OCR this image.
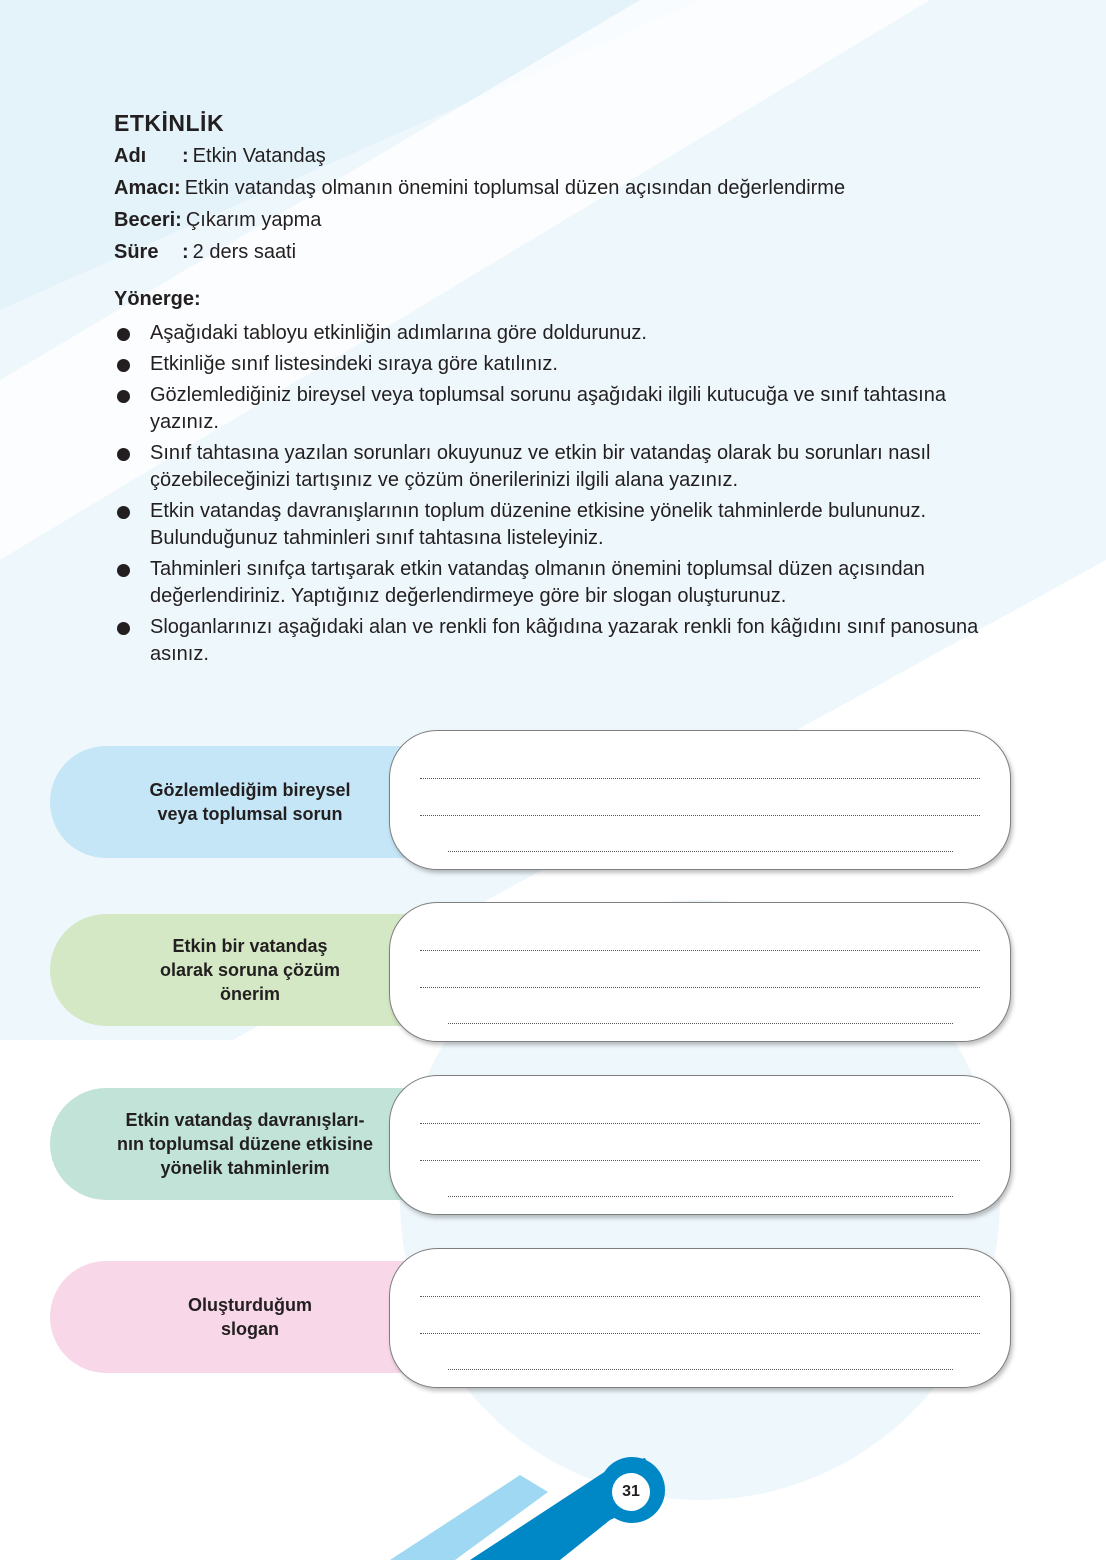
ETKİNLİK
Adı : Etkin Vatandaş
Amacı: Etkin vatandaş olmanın önemini toplumsal düzen açısından değerlendirme
Beceri: Çıkarım yapma
Süre : 2 ders saati
Yönerge:
Aşağıdaki tabloyu etkinliğin adımlarına göre doldurunuz.
Etkinliğe sınıf listesindeki sıraya göre katılınız.
Gözlemlediğiniz bireysel veya toplumsal sorunu aşağıdaki ilgili kutucuğa ve sınıf tahtasına yazınız.
Sınıf tahtasına yazılan sorunları okuyunuz ve etkin bir vatandaş olarak bu sorunları nasıl çözebileceğinizi tartışınız ve çözüm önerilerinizi ilgili alana yazınız.
Etkin vatandaş davranışlarının toplum düzenine etkisine yönelik tahminlerde bulununuz. Bulunduğunuz tahminleri sınıf tahtasına listeleyiniz.
Tahminleri sınıfça tartışarak etkin vatandaş olmanın önemini toplumsal düzen açısından değerlendiriniz. Yaptığınız değerlendirmeye göre bir slogan oluşturunuz.
Sloganlarınızı aşağıdaki alan ve renkli fon kâğıdına yazarak renkli fon kâğıdını sınıf panosuna asınız.
Gözlemlediğim bireysel
veya toplumsal sorun
Etkin bir vatandaş
olarak soruna çözüm
önerim
Etkin vatandaş davranışları-
nın toplumsal düzene etkisine
yönelik tahminlerim
Oluşturduğum
slogan
31
